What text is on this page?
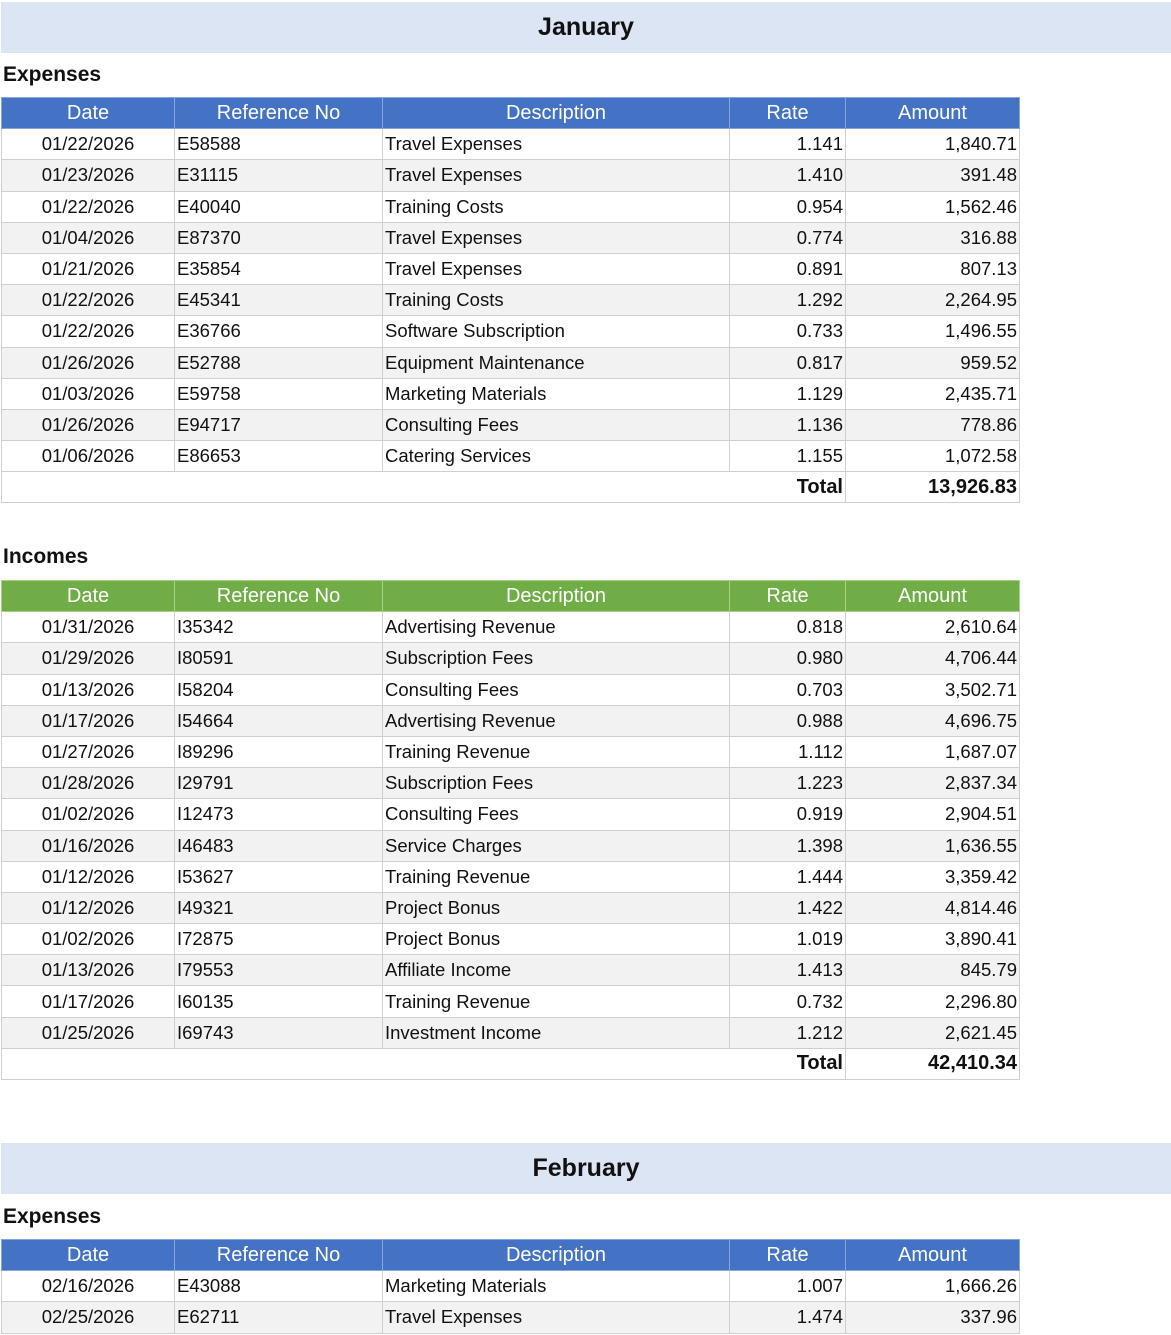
January
Expenses
Date	Reference No	Description	Rate	Amount
01/22/2026	E58588	Travel Expenses	1.141	1,840.71
01/23/2026	E31115	Travel Expenses	1.410	391.48
01/22/2026	E40040	Training Costs	0.954	1,562.46
01/04/2026	E87370	Travel Expenses	0.774	316.88
01/21/2026	E35854	Travel Expenses	0.891	807.13
01/22/2026	E45341	Training Costs	1.292	2,264.95
01/22/2026	E36766	Software Subscription	0.733	1,496.55
01/26/2026	E52788	Equipment Maintenance	0.817	959.52
01/03/2026	E59758	Marketing Materials	1.129	2,435.71
01/26/2026	E94717	Consulting Fees	1.136	778.86
01/06/2026	E86653	Catering Services	1.155	1,072.58
			Total	13,926.83
Incomes
Date	Reference No	Description	Rate	Amount
01/31/2026	I35342	Advertising Revenue	0.818	2,610.64
01/29/2026	I80591	Subscription Fees	0.980	4,706.44
01/13/2026	I58204	Consulting Fees	0.703	3,502.71
01/17/2026	I54664	Advertising Revenue	0.988	4,696.75
01/27/2026	I89296	Training Revenue	1.112	1,687.07
01/28/2026	I29791	Subscription Fees	1.223	2,837.34
01/02/2026	I12473	Consulting Fees	0.919	2,904.51
01/16/2026	I46483	Service Charges	1.398	1,636.55
01/12/2026	I53627	Training Revenue	1.444	3,359.42
01/12/2026	I49321	Project Bonus	1.422	4,814.46
01/02/2026	I72875	Project Bonus	1.019	3,890.41
01/13/2026	I79553	Affiliate Income	1.413	845.79
01/17/2026	I60135	Training Revenue	0.732	2,296.80
01/25/2026	I69743	Investment Income	1.212	2,621.45
			Total	42,410.34
February
Expenses
Date	Reference No	Description	Rate	Amount
02/16/2026	E43088	Marketing Materials	1.007	1,666.26
02/25/2026	E62711	Travel Expenses	1.474	337.96
